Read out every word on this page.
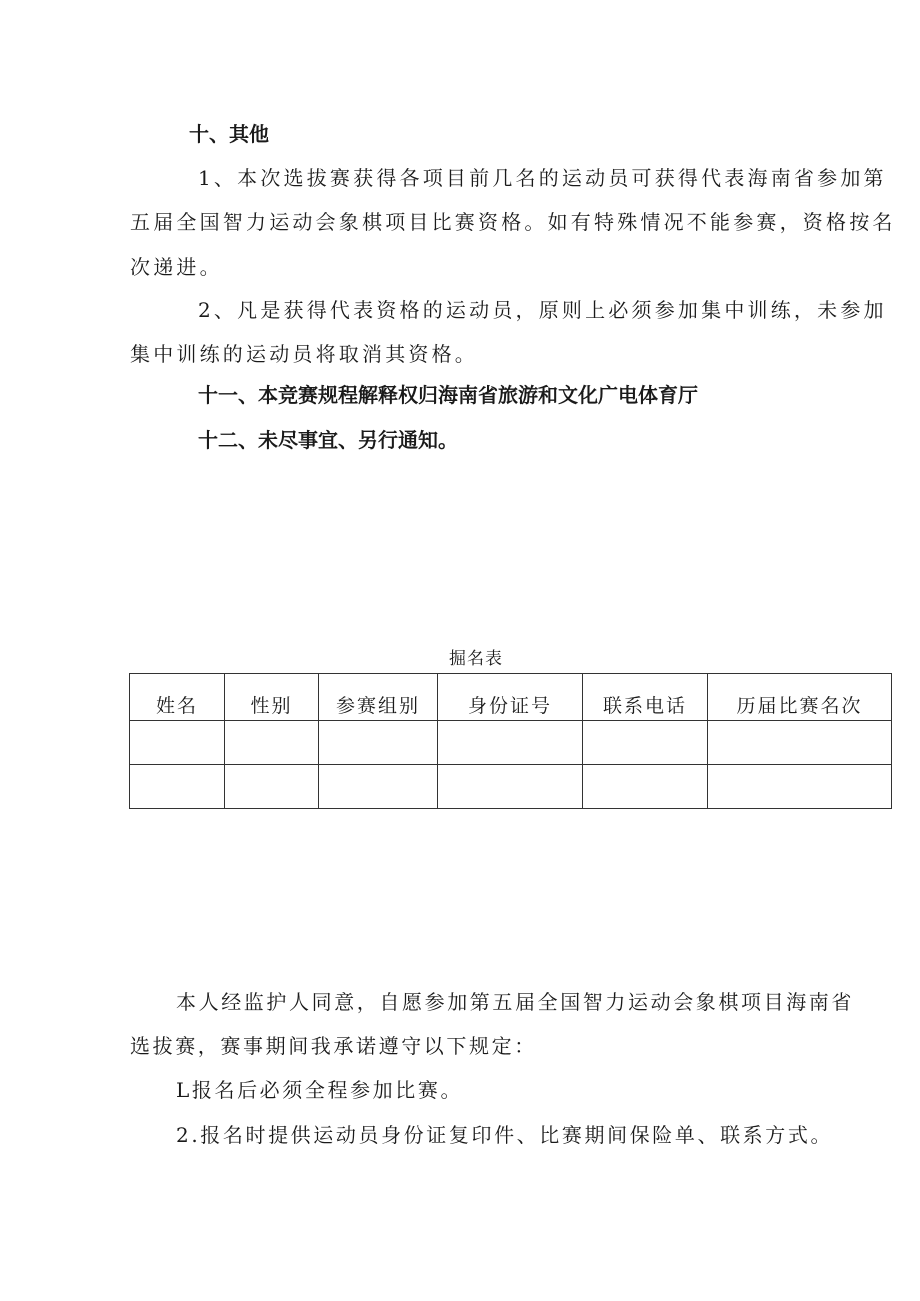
十、其他
1、本次选拔赛获得各项目前几名的运动员可获得代表海南省参加第
五届全国智力运动会象棋项目比赛资格。如有特殊情况不能参赛，资格按名
次递进。
2、凡是获得代表资格的运动员，原则上必须参加集中训练，未参加
集中训练的运动员将取消其资格。
十一、本竞赛规程解释权归海南省旅游和文化广电体育厅
十二、未尽事宜、另行通知。
掘名表
姓名	性别	参赛组别	身份证号	联系电话	历届比赛名次

本人经监护人同意，自愿参加第五届全国智力运动会象棋项目海南省
选拔赛，赛事期间我承诺遵守以下规定：
L报名后必须全程参加比赛。
2.报名时提供运动员身份证复印件、比赛期间保险单、联系方式。
